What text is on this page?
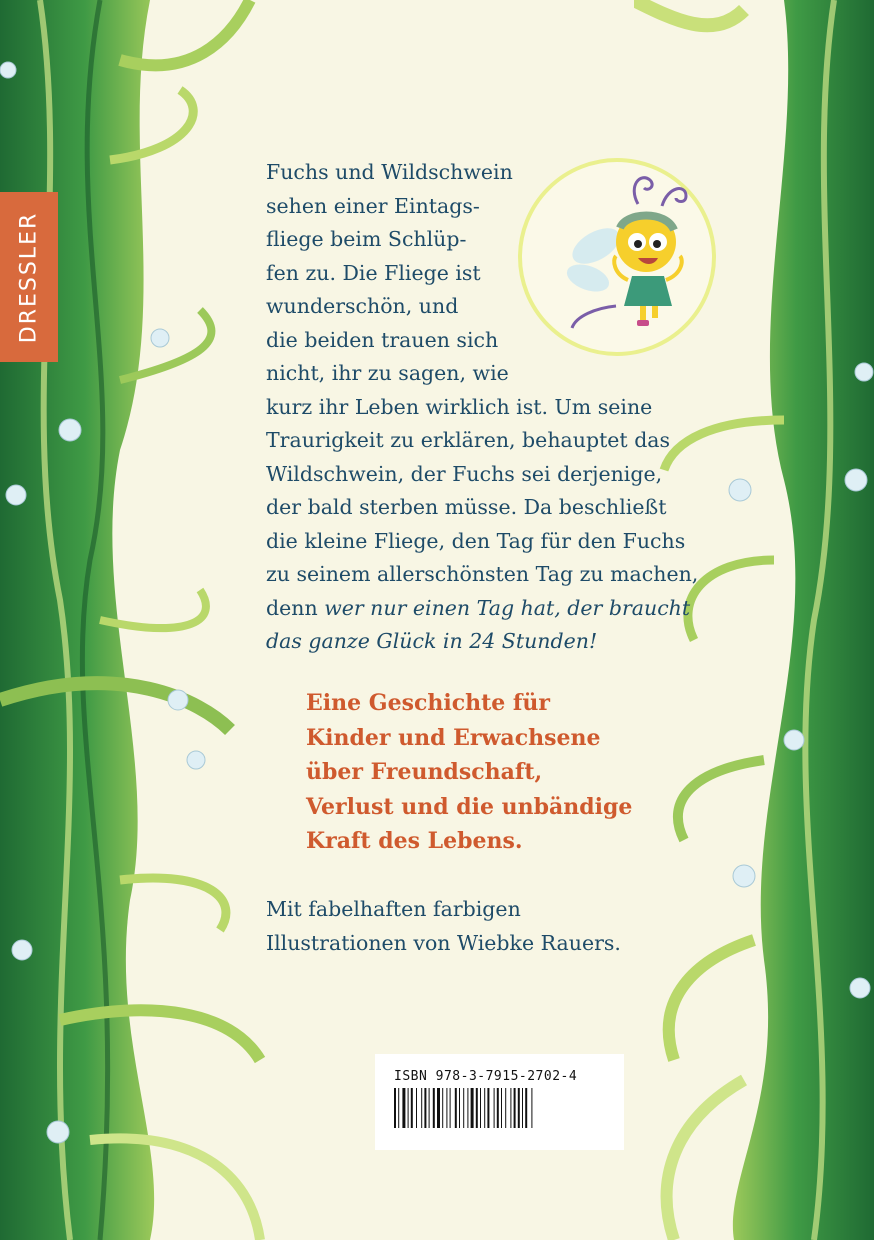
DRESSLER
Fuchs und Wildschwein
sehen einer Eintags-
fliege beim Schlüp-
fen zu. Die Fliege ist
wunderschön, und
die beiden trauen sich
nicht, ihr zu sagen, wie
kurz ihr Leben wirklich ist. Um seine
Traurigkeit zu erklären, behauptet das
Wildschwein, der Fuchs sei derjenige,
der bald sterben müsse. Da beschließt
die kleine Fliege, den Tag für den Fuchs
zu seinem allerschönsten Tag zu machen,
denn wer nur einen Tag hat, der braucht
das ganze Glück in 24 Stunden!
Eine Geschichte für
Kinder und Erwachsene
über Freundschaft,
Verlust und die unbändige
Kraft des Lebens.
Mit fabelhaften farbigen
Illustrationen von Wiebke Rauers.
ISBN 978-3-7915-2702-4
